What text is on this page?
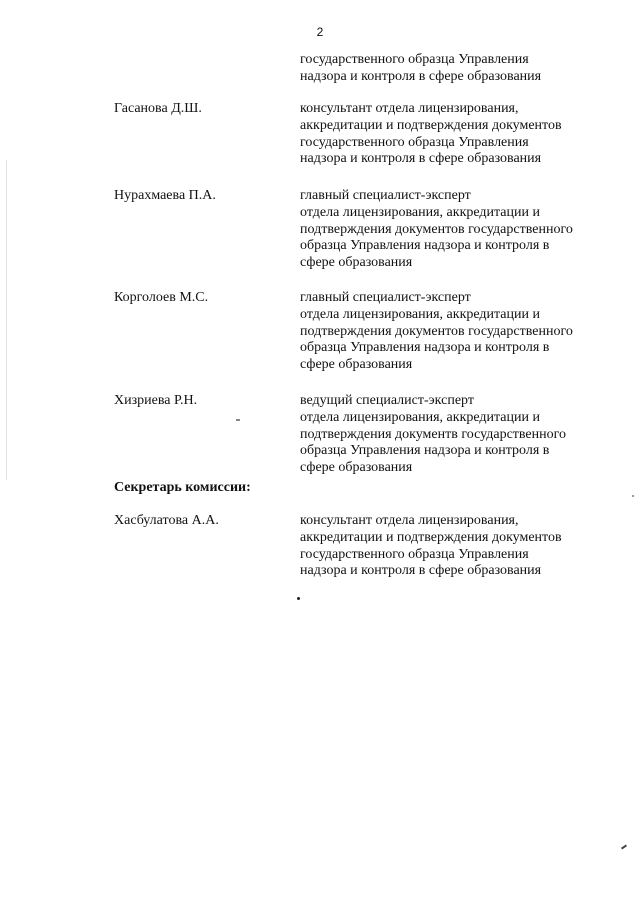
2
государственного образца Управления
надзора и контроля в сфере образования
Гасанова Д.Ш.	консультант отдела лицензирования,
аккредитации и подтверждения документов
государственного образца Управления
надзора и контроля в сфере образования
Нурахмаева П.А.	главный специалист-эксперт
отдела лицензирования, аккредитации и
подтверждения документов государственного
образца Управления надзора и контроля в
сфере образования
Корголоев М.С.	главный специалист-эксперт
отдела лицензирования, аккредитации и
подтверждения документов государственного
образца Управления надзора и контроля в
сфере образования
Хизриева Р.Н.	ведущий специалист-эксперт
отдела лицензирования, аккредитации и
подтверждения документв государственного
образца Управления надзора и контроля в
сфере образования
Секретарь комиссии:
Хасбулатова А.А.	консультант отдела лицензирования,
аккредитации и подтверждения документов
государственного образца Управления
надзора и контроля в сфере образования
